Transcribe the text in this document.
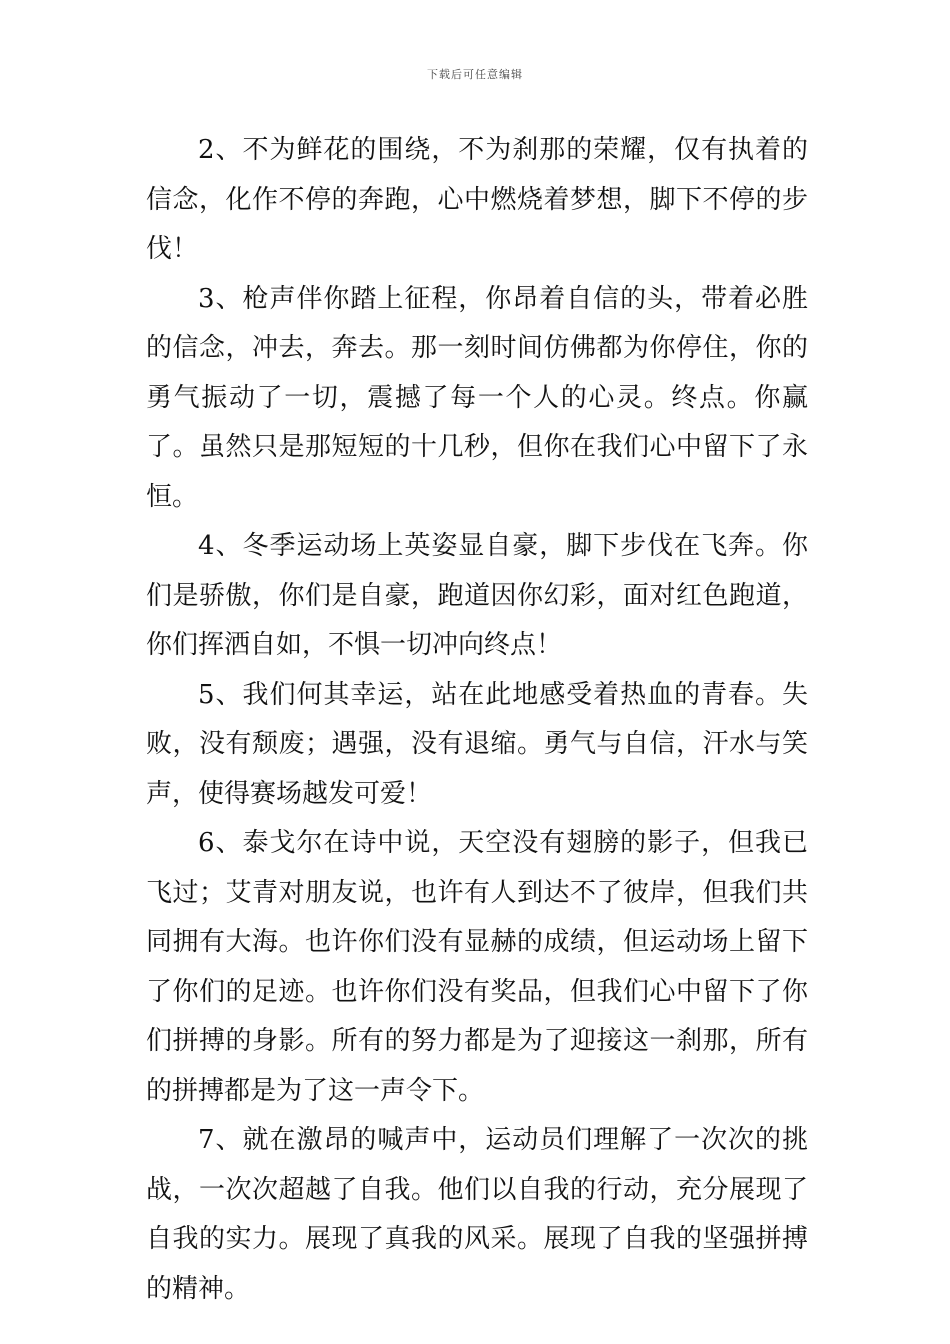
下载后可任意编辑

2、不为鲜花的围绕，不为刹那的荣耀，仅有执着的信念，化作不停的奔跑，心中燃烧着梦想，脚下不停的步伐！

3、枪声伴你踏上征程，你昂着自信的头，带着必胜的信念，冲去，奔去。那一刻时间仿佛都为你停住，你的勇气振动了一切，震撼了每一个人的心灵。终点。你赢了。虽然只是那短短的十几秒，但你在我们心中留下了永恒。

4、冬季运动场上英姿显自豪，脚下步伐在飞奔。你们是骄傲，你们是自豪，跑道因你幻彩，面对红色跑道，你们挥洒自如，不惧一切冲向终点！

5、我们何其幸运，站在此地感受着热血的青春。失败，没有颓废；遇强，没有退缩。勇气与自信，汗水与笑声，使得赛场越发可爱！

6、泰戈尔在诗中说，天空没有翅膀的影子，但我已飞过；艾青对朋友说，也许有人到达不了彼岸，但我们共同拥有大海。也许你们没有显赫的成绩，但运动场上留下了你们的足迹。也许你们没有奖品，但我们心中留下了你们拼搏的身影。所有的努力都是为了迎接这一刹那，所有的拼搏都是为了这一声令下。

7、就在激昂的喊声中，运动员们理解了一次次的挑战，一次次超越了自我。他们以自我的行动，充分展现了自我的实力。展现了真我的风采。展现了自我的坚强拼搏的精神。
